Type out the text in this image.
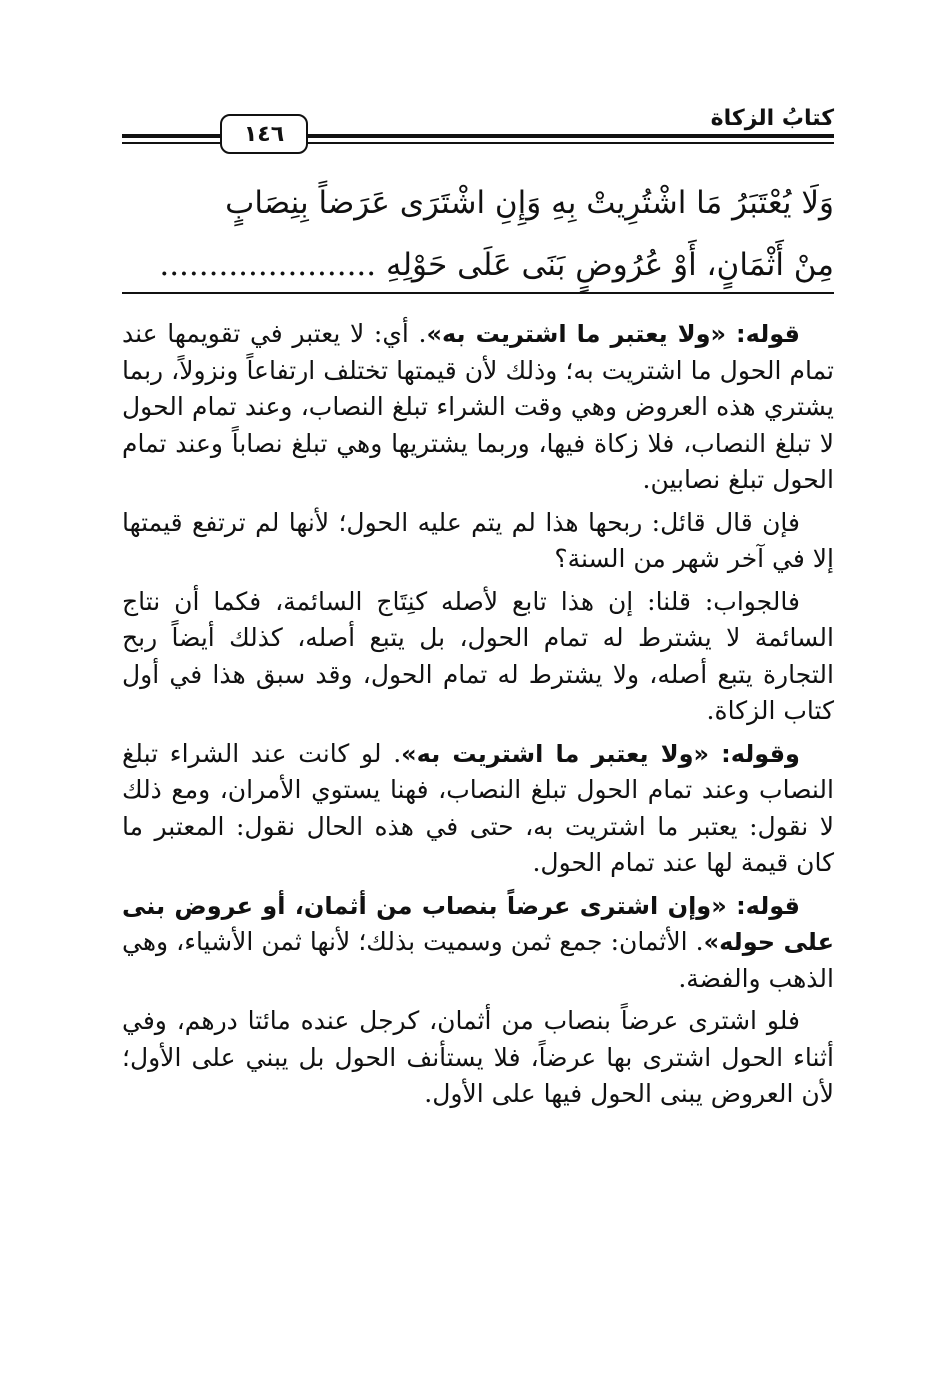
١٤٦
كتابُ الزكاة
وَلَا يُعْتَبَرُ مَا اشْتُرِيتْ بِهِ وَإِنِ اشْتَرَى عَرَضاً بِنِصَابٍ
مِنْ أَثْمَانٍ، أَوْ عُرُوضٍ بَنَى عَلَى حَوْلِهِ ......................

قوله: «ولا يعتبر ما اشتريت به». أي: لا يعتبر في تقويمها عند تمام الحول ما اشتريت به؛ وذلك لأن قيمتها تختلف ارتفاعاً ونزولاً، ربما يشتري هذه العروض وهي وقت الشراء تبلغ النصاب، وعند تمام الحول لا تبلغ النصاب، فلا زكاة فيها، وربما يشتريها وهي تبلغ نصاباً وعند تمام الحول تبلغ نصابين.

فإن قال قائل: ربحها هذا لم يتم عليه الحول؛ لأنها لم ترتفع قيمتها إلا في آخر شهر من السنة؟

فالجواب: قلنا: إن هذا تابع لأصله كنِتَاج السائمة، فكما أن نتاج السائمة لا يشترط له تمام الحول، بل يتبع أصله، كذلك أيضاً ربح التجارة يتبع أصله، ولا يشترط له تمام الحول، وقد سبق هذا في أول كتاب الزكاة.

وقوله: «ولا يعتبر ما اشتريت به». لو كانت عند الشراء تبلغ النصاب وعند تمام الحول تبلغ النصاب، فهنا يستوي الأمران، ومع ذلك لا نقول: يعتبر ما اشتريت به، حتى في هذه الحال نقول: المعتبر ما كان قيمة لها عند تمام الحول.

قوله: «وإن اشترى عرضاً بنصاب من أثمان، أو عروض بنى على حوله». الأثمان: جمع ثمن وسميت بذلك؛ لأنها ثمن الأشياء، وهي الذهب والفضة.

فلو اشترى عرضاً بنصاب من أثمان، كرجل عنده مائتا درهم، وفي أثناء الحول اشترى بها عرضاً، فلا يستأنف الحول بل يبني على الأول؛ لأن العروض يبنى الحول فيها على الأول.
